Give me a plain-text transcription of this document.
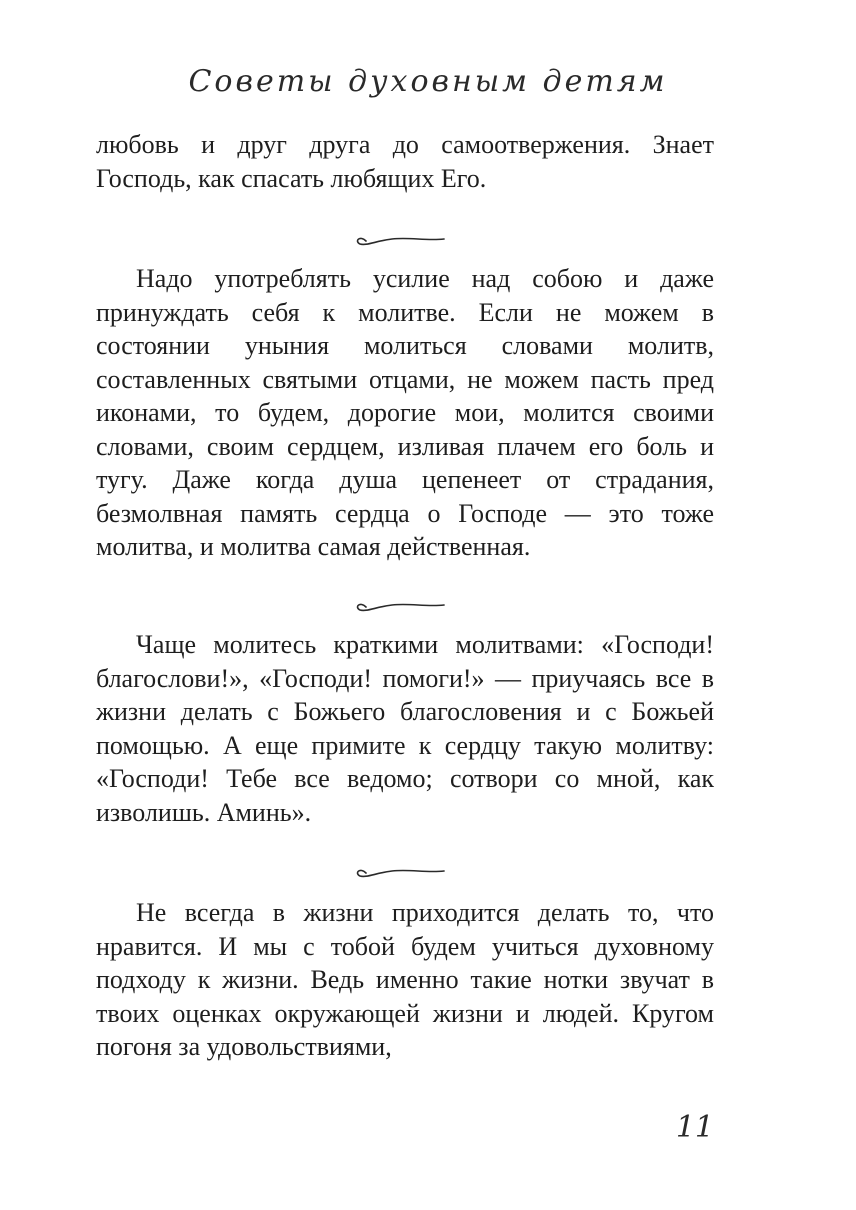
Советы духовным детям

любовь и друг друга до самоотвержения. Знает Господь, как спасать любящих Его.

Надо употреблять усилие над собою и даже принуждать себя к молитве. Если не можем в состоянии уныния молиться словами молитв, составленных святыми отцами, не можем пасть пред иконами, то будем, дорогие мои, молится своими словами, своим сердцем, изливая плачем его боль и тугу. Даже когда душа цепенеет от страдания, безмолвная память сердца о Господе — это тоже молитва, и молитва самая действенная.

Чаще молитесь краткими молитвами: «Господи! благослови!», «Господи! помоги!» — приучаясь все в жизни делать с Божьего благословения и с Божьей помощью. А еще примите к сердцу такую молитву: «Господи! Тебе все ведомо; сотвори со мной, как изволишь. Аминь».

Не всегда в жизни приходится делать то, что нравится. И мы с тобой будем учиться духовному подходу к жизни. Ведь именно такие нотки звучат в твоих оценках окружающей жизни и людей. Кругом погоня за удовольствиями,

11
